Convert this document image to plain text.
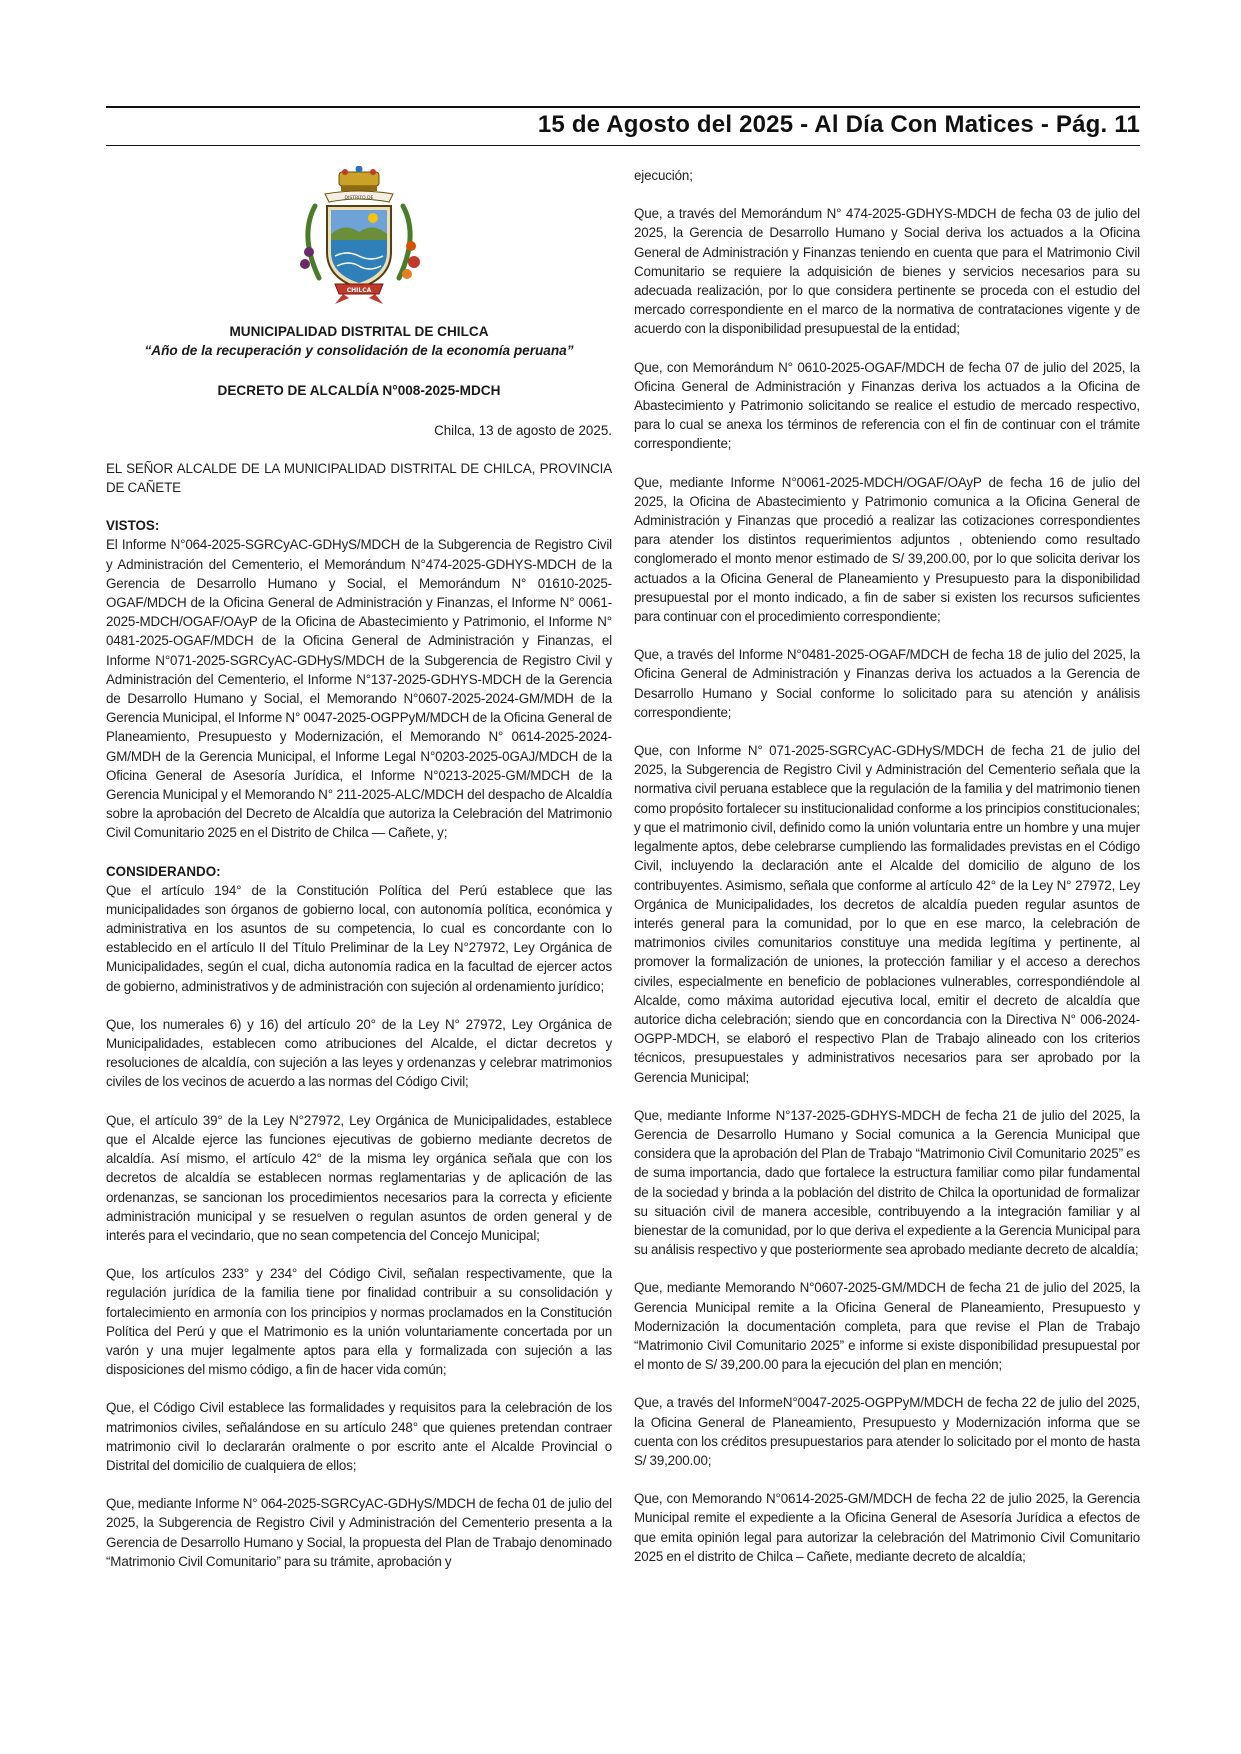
15 de Agosto del 2025 - Al Día Con Matices - Pág. 11
DISTRITO DE
CHILCA
MUNICIPALIDAD DISTRITAL DE CHILCA
“Año de la recuperación y consolidación de la economía peruana”
DECRETO DE ALCALDÍA N°008-2025-MDCH
Chilca, 13 de agosto de 2025.

EL SEÑOR ALCALDE DE LA MUNICIPALIDAD DISTRITAL DE CHILCA, PROVINCIA DE CAÑETE

VISTOS:

El Informe N°064-2025-SGRCyAC-GDHyS/MDCH de la Subgerencia de Registro Civil y Administración del Cementerio, el Memorándum N°474-2025-GDHYS-MDCH de la Gerencia de Desarrollo Humano y Social, el Memorándum N° 01610-2025-OGAF/MDCH de la Oficina General de Administración y Finanzas, el Informe N° 0061-2025-MDCH/OGAF/OAyP de la Oficina de Abastecimiento y Patrimonio, el Informe N° 0481-2025-OGAF/MDCH de la Oficina General de Administración y Finanzas, el Informe N°071-2025-SGRCyAC-GDHyS/MDCH de la Subgerencia de Registro Civil y Administración del Cementerio, el Informe N°137-2025-GDHYS-MDCH de la Gerencia de Desarrollo Humano y Social, el Memorando N°0607-2025-2024-GM/MDH de la Gerencia Municipal, el Informe N° 0047-2025-OGPPyM/MDCH de la Oficina General de Planeamiento, Presupuesto y Modernización, el Memorando N° 0614-2025-2024-GM/MDH de la Gerencia Municipal, el Informe Legal N°0203-2025-0GAJ/MDCH de la Oficina General de Asesoría Jurídica, el Informe N°0213-2025-GM/MDCH de la Gerencia Municipal y el Memorando N° 211-2025-ALC/MDCH del despacho de Alcaldía sobre la aprobación del Decreto de Alcaldía que autoriza la Celebración del Matrimonio Civil Comunitario 2025 en el Distrito de Chilca — Cañete, y;

CONSIDERANDO:

Que el artículo 194° de la Constitución Política del Perú establece que las municipalidades son órganos de gobierno local, con autonomía política, económica y administrativa en los asuntos de su competencia, lo cual es concordante con lo establecido en el artículo II del Título Preliminar de la Ley N°27972, Ley Orgánica de Municipalidades, según el cual, dicha autonomía radica en la facultad de ejercer actos de gobierno, administrativos y de administración con sujeción al ordenamiento jurídico;

Que, los numerales 6) y 16) del artículo 20° de la Ley N° 27972, Ley Orgánica de Municipalidades, establecen como atribuciones del Alcalde, el dictar decretos y resoluciones de alcaldía, con sujeción a las leyes y ordenanzas y celebrar matrimonios civiles de los vecinos de acuerdo a las normas del Código Civil;

Que, el artículo 39° de la Ley N°27972, Ley Orgánica de Municipalidades, establece que el Alcalde ejerce las funciones ejecutivas de gobierno mediante decretos de alcaldía. Así mismo, el artículo 42° de la misma ley orgánica señala que con los decretos de alcaldía se establecen normas reglamentarias y de aplicación de las ordenanzas, se sancionan los procedimientos necesarios para la correcta y eficiente administración municipal y se resuelven o regulan asuntos de orden general y de interés para el vecindario, que no sean competencia del Concejo Municipal;

Que, los artículos 233° y 234° del Código Civil, señalan respectivamente, que la regulación jurídica de la familia tiene por finalidad contribuir a su consolidación y fortalecimiento en armonía con los principios y normas proclamados en la Constitución Política del Perú y que el Matrimonio es la unión voluntariamente concertada por un varón y una mujer legalmente aptos para ella y formalizada con sujeción a las disposiciones del mismo código, a fin de hacer vida común;

Que, el Código Civil establece las formalidades y requisitos para la celebración de los matrimonios civiles, señalándose en su artículo 248° que quienes pretendan contraer matrimonio civil lo declararán oralmente o por escrito ante el Alcalde Provincial o Distrital del domicilio de cualquiera de ellos;

Que, mediante Informe N° 064-2025-SGRCyAC-GDHyS/MDCH de fecha 01 de julio del 2025, la Subgerencia de Registro Civil y Administración del Cementerio presenta a la Gerencia de Desarrollo Humano y Social, la propuesta del Plan de Trabajo denominado “Matrimonio Civil Comunitario” para su trámite, aprobación y

ejecución;

Que, a través del Memorándum N° 474-2025-GDHYS-MDCH de fecha 03 de julio del 2025, la Gerencia de Desarrollo Humano y Social deriva los actuados a la Oficina General de Administración y Finanzas teniendo en cuenta que para el Matrimonio Civil Comunitario se requiere la adquisición de bienes y servicios necesarios para su adecuada realización, por lo que considera pertinente se proceda con el estudio del mercado correspondiente en el marco de la normativa de contrataciones vigente y de acuerdo con la disponibilidad presupuestal de la entidad;

Que, con Memorándum N° 0610-2025-OGAF/MDCH de fecha 07 de julio del 2025, la Oficina General de Administración y Finanzas deriva los actuados a la Oficina de Abastecimiento y Patrimonio solicitando se realice el estudio de mercado respectivo, para lo cual se anexa los términos de referencia con el fin de continuar con el trámite correspondiente;

Que, mediante Informe N°0061-2025-MDCH/OGAF/OAyP de fecha 16 de julio del 2025, la Oficina de Abastecimiento y Patrimonio comunica a la Oficina General de Administración y Finanzas que procedió a realizar las cotizaciones correspondientes para atender los distintos requerimientos adjuntos , obteniendo como resultado conglomerado el monto menor estimado de S/ 39,200.00, por lo que solicita derivar los actuados a la Oficina General de Planeamiento y Presupuesto para la disponibilidad presupuestal por el monto indicado, a fin de saber si existen los recursos suficientes para continuar con el procedimiento correspondiente;

Que, a través del Informe N°0481-2025-OGAF/MDCH de fecha 18 de julio del 2025, la Oficina General de Administración y Finanzas deriva los actuados a la Gerencia de Desarrollo Humano y Social conforme lo solicitado para su atención y análisis correspondiente;

Que, con Informe N° 071-2025-SGRCyAC-GDHyS/MDCH de fecha 21 de julio del 2025, la Subgerencia de Registro Civil y Administración del Cementerio señala que la normativa civil peruana establece que la regulación de la familia y del matrimonio tienen como propósito fortalecer su institucionalidad conforme a los principios constitucionales; y que el matrimonio civil, definido como la unión voluntaria entre un hombre y una mujer legalmente aptos, debe celebrarse cumpliendo las formalidades previstas en el Código Civil, incluyendo la declaración ante el Alcalde del domicilio de alguno de los contribuyentes. Asimismo, señala que conforme al artículo 42° de la Ley N° 27972, Ley Orgánica de Municipalidades, los decretos de alcaldía pueden regular asuntos de interés general para la comunidad, por lo que en ese marco, la celebración de matrimonios civiles comunitarios constituye una medida legítima y pertinente, al promover la formalización de uniones, la protección familiar y el acceso a derechos civiles, especialmente en beneficio de poblaciones vulnerables, correspondiéndole al Alcalde, como máxima autoridad ejecutiva local, emitir el decreto de alcaldía que autorice dicha celebración; siendo que en concordancia con la Directiva N° 006-2024-OGPP-MDCH, se elaboró el respectivo Plan de Trabajo alineado con los criterios técnicos, presupuestales y administrativos necesarios para ser aprobado por la Gerencia Municipal;

Que, mediante Informe N°137-2025-GDHYS-MDCH de fecha 21 de julio del 2025, la Gerencia de Desarrollo Humano y Social comunica a la Gerencia Municipal que considera que la aprobación del Plan de Trabajo “Matrimonio Civil Comunitario 2025” es de suma importancia, dado que fortalece la estructura familiar como pilar fundamental de la sociedad y brinda a la población del distrito de Chilca la oportunidad de formalizar su situación civil de manera accesible, contribuyendo a la integración familiar y al bienestar de la comunidad, por lo que deriva el expediente a la Gerencia Municipal para su análisis respectivo y que posteriormente sea aprobado mediante decreto de alcaldía;

Que, mediante Memorando N°0607-2025-GM/MDCH de fecha 21 de julio del 2025, la Gerencia Municipal remite a la Oficina General de Planeamiento, Presupuesto y Modernización la documentación completa, para que revise el Plan de Trabajo “Matrimonio Civil Comunitario 2025” e informe si existe disponibilidad presupuestal por el monto de S/ 39,200.00 para la ejecución del plan en mención;

Que, a través del InformeN°0047-2025-OGPPyM/MDCH de fecha 22 de julio del 2025, la Oficina General de Planeamiento, Presupuesto y Modernización informa que se cuenta con los créditos presupuestarios para atender lo solicitado por el monto de hasta S/ 39,200.00;

Que, con Memorando N°0614-2025-GM/MDCH de fecha 22 de julio 2025, la Gerencia Municipal remite el expediente a la Oficina General de Asesoría Jurídica a efectos de que emita opinión legal para autorizar la celebración del Matrimonio Civil Comunitario 2025 en el distrito de Chilca – Cañete, mediante decreto de alcaldía;
